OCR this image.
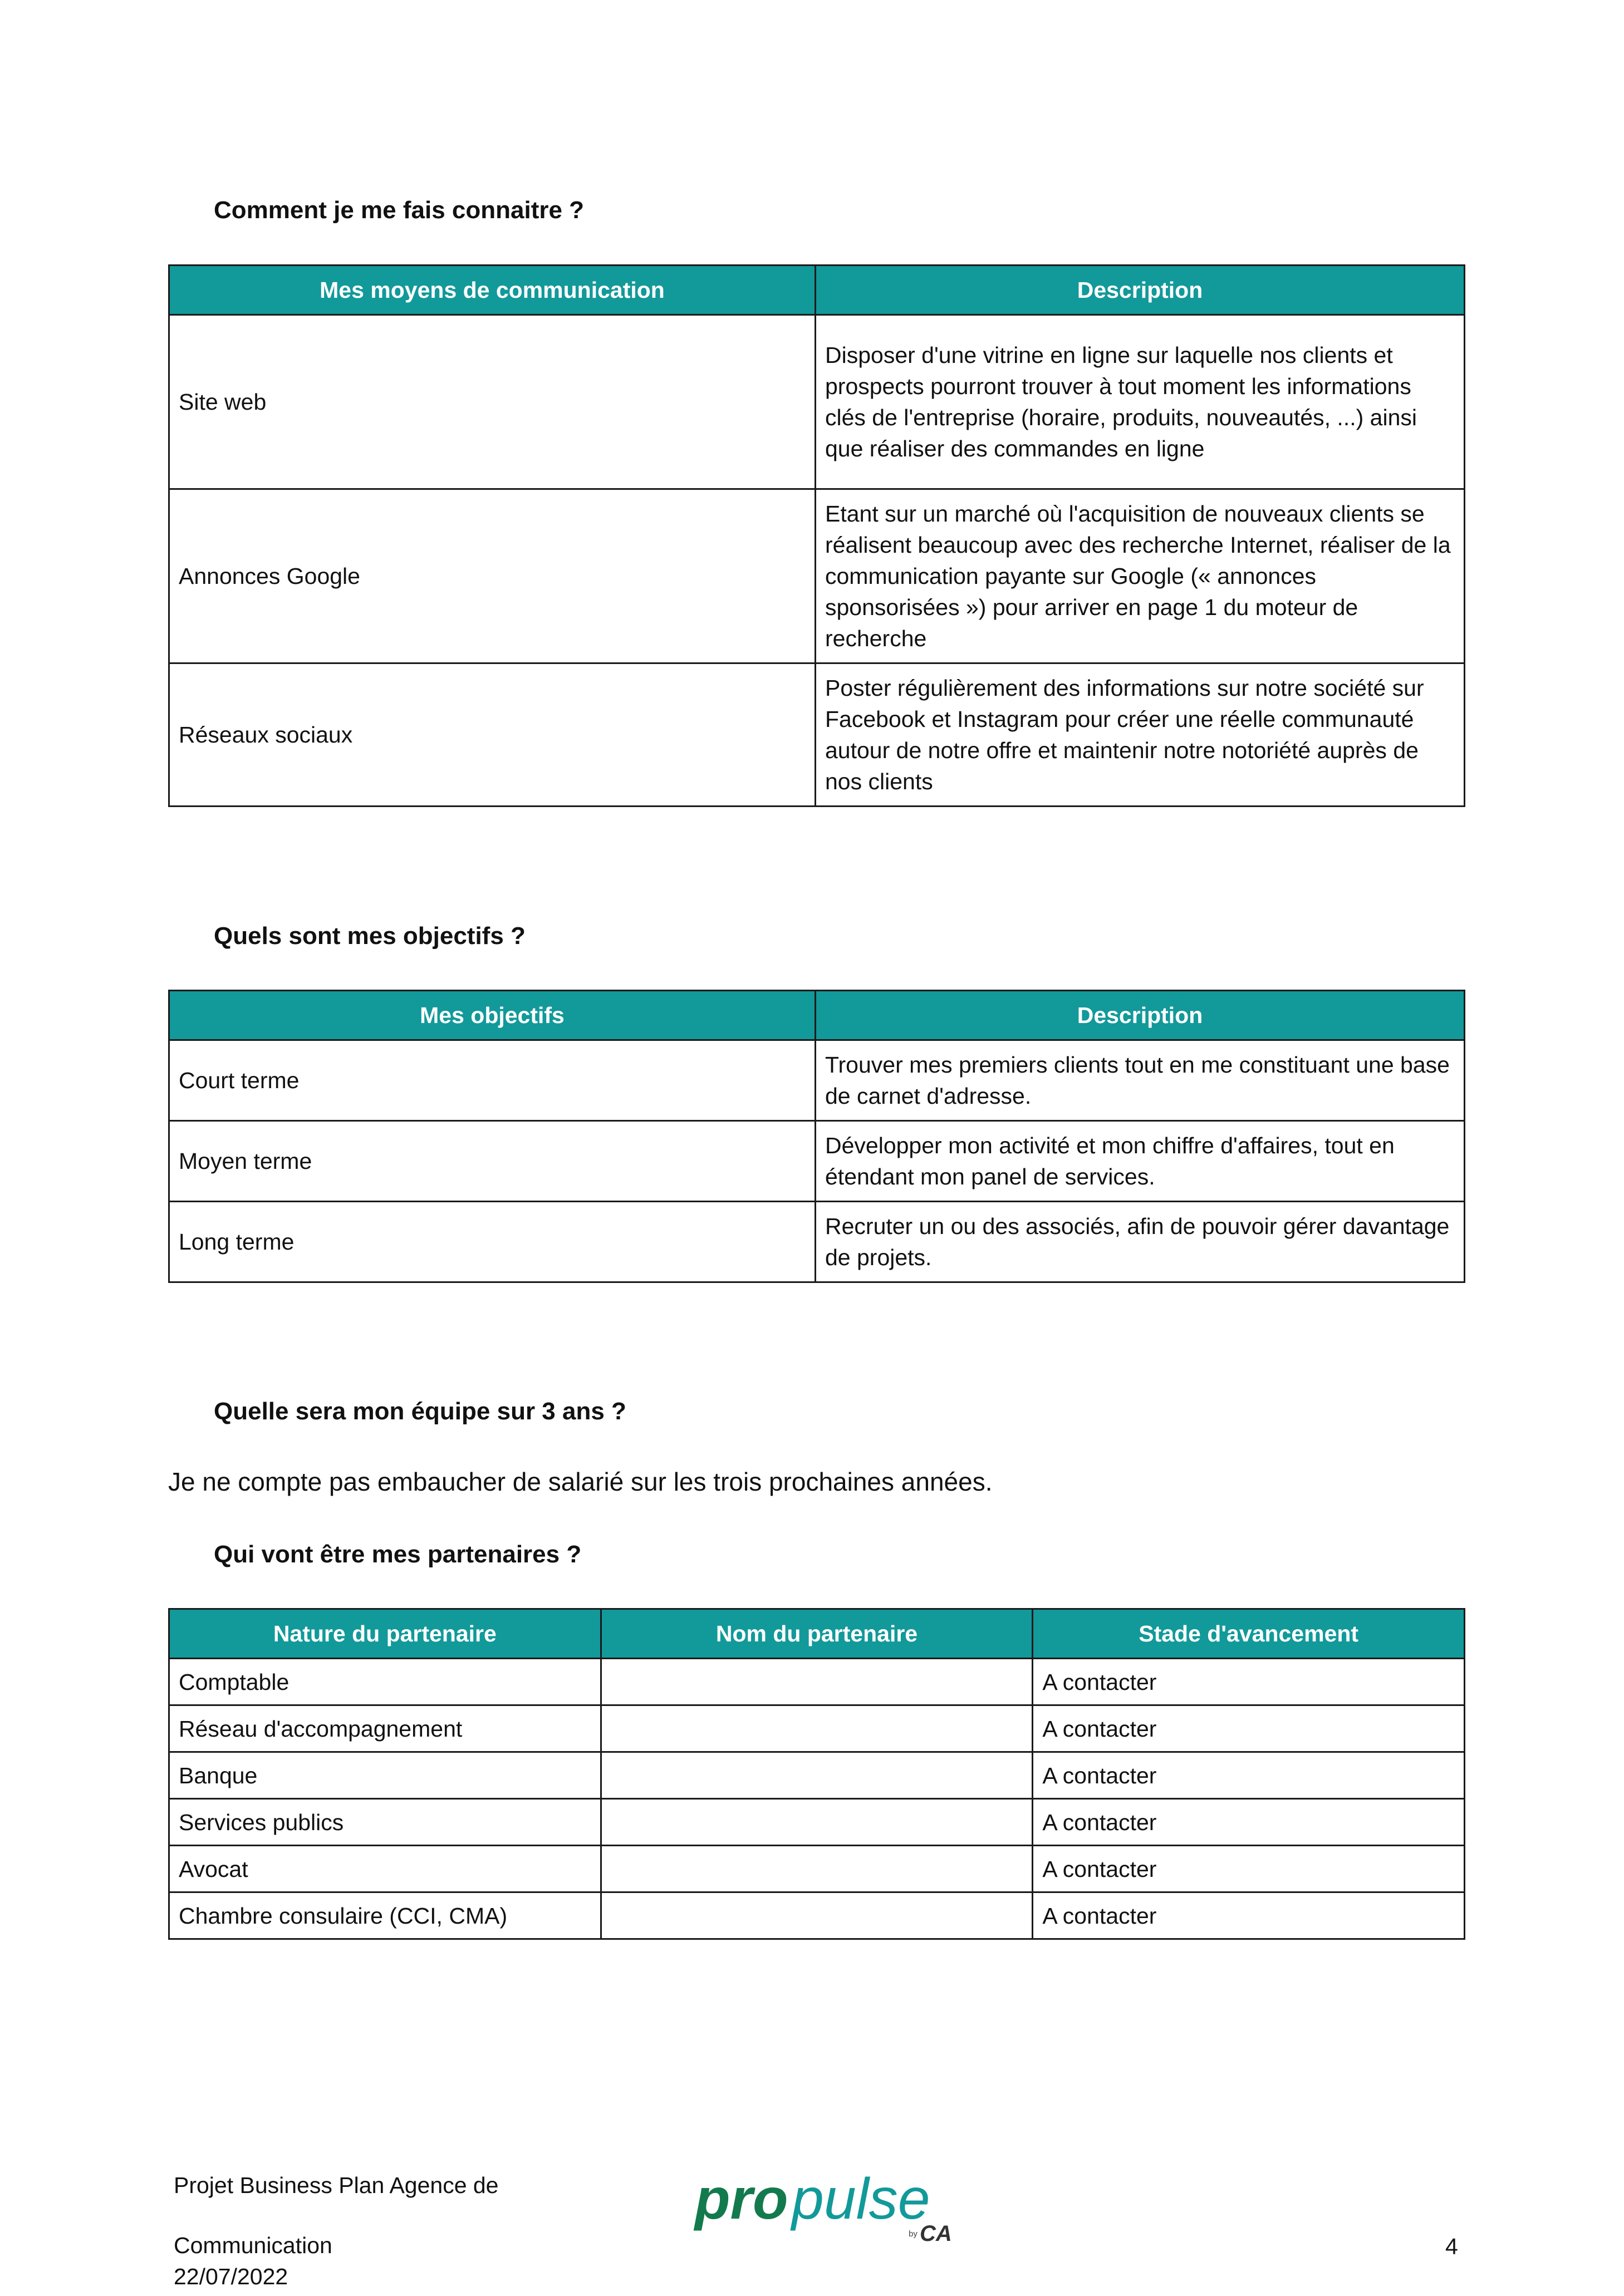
Comment je me fais connaitre ?
Mes moyens de communication	Description
Site web	Disposer d'une vitrine en ligne sur laquelle nos clients et prospects pourront trouver à tout moment les informations clés de l'entreprise (horaire, produits, nouveautés, ...) ainsi que réaliser des commandes en ligne
Annonces Google	Etant sur un marché où l'acquisition de nouveaux clients se réalisent beaucoup avec des recherche Internet, réaliser de la communication payante sur Google (« annonces sponsorisées ») pour arriver en page 1 du moteur de recherche
Réseaux sociaux	Poster régulièrement des informations sur notre société sur Facebook et Instagram pour créer une réelle communauté autour de notre offre et maintenir notre notoriété auprès de nos clients
Quels sont mes objectifs ?
Mes objectifs	Description
Court terme	Trouver mes premiers clients tout en me constituant une base de carnet d'adresse.
Moyen terme	Développer mon activité et mon chiffre d'affaires, tout en étendant mon panel de services.
Long terme	Recruter un ou des associés, afin de pouvoir gérer davantage de projets.
Quelle sera mon équipe sur 3 ans ?

Je ne compte pas embaucher de salarié sur les trois prochaines années.

Qui vont être mes partenaires ?
Nature du partenaire	Nom du partenaire	Stade d'avancement
Comptable		A contacter
Réseau d'accompagnement		A contacter
Banque		A contacter
Services publics		A contacter
Avocat		A contacter
Chambre consulaire (CCI, CMA)		A contacter
Projet Business Plan Agence de
Communication
22/07/2022
pro pulse
by CA	4
